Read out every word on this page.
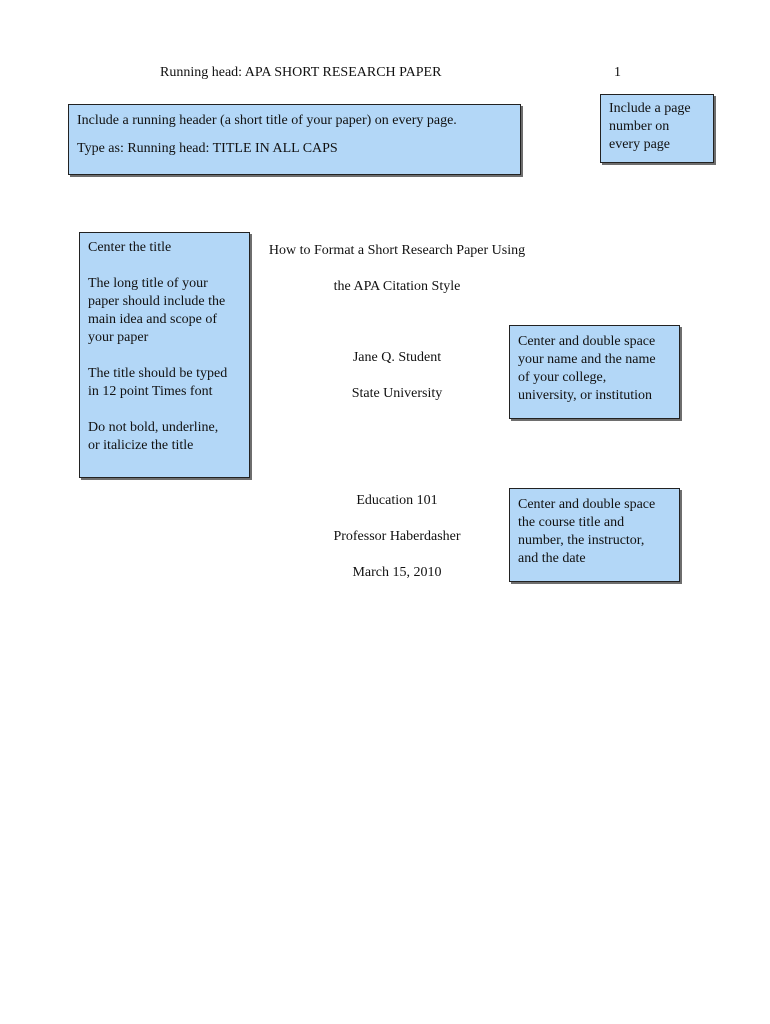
Running head: APA SHORT RESEARCH PAPER	1

Include a running header (a short title of your paper) on every page.

Type as: Running head: TITLE IN ALL CAPS

Include a page

number on

every page

Center the title

The long title of your

paper should include the

main idea and scope of

your paper

The title should be typed

in 12 point Times font

Do not bold, underline,

or italicize the title

How to Format a Short Research Paper Using
the APA Citation Style
Jane Q. Student
State University
Education 101
Professor Haberdasher
March 15, 2010

Center and double space

your name and the name

of your college,

university, or institution

Center and double space

the course title and

number, the instructor,

and the date
